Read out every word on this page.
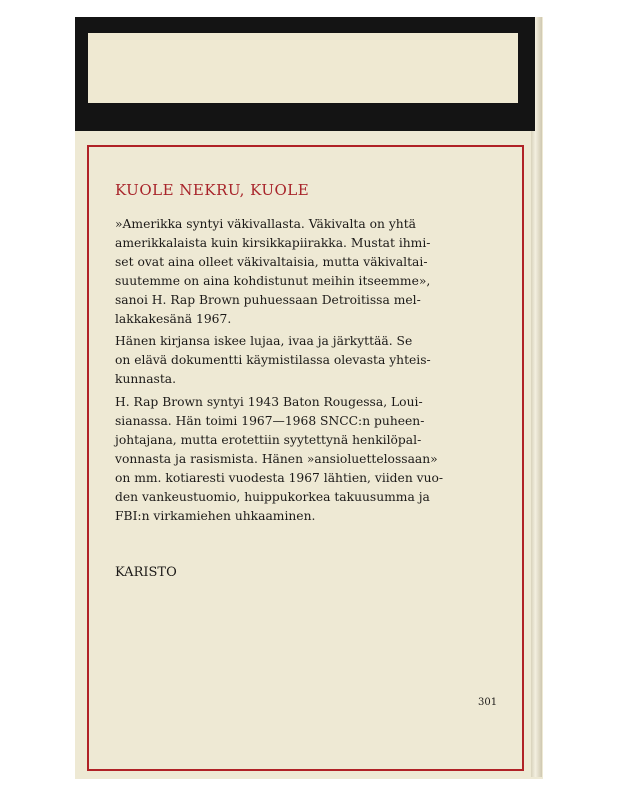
KUOLE NEKRU, KUOLE

»Amerikka syntyi väkivallasta. Väkivalta on yhtä
amerikkalaista kuin kirsikkapiirakka. Mustat ihmi-
set ovat aina olleet väkivaltaisia, mutta väkivaltai-
suutemme on aina kohdistunut meihin itseemme»,
sanoi H. Rap Brown puhuessaan Detroitissa mel-
lakkakesänä 1967.

Hänen kirjansa iskee lujaa, ivaa ja järkyttää. Se
on elävä dokumentti käymistilassa olevasta yhteis-
kunnasta.

H. Rap Brown syntyi 1943 Baton Rougessa, Loui-
sianassa. Hän toimi 1967—1968 SNCC:n puheen-
johtajana, mutta erotettiin syytettynä henkilöpal-
vonnasta ja rasismista. Hänen »ansioluettelossaan»
on mm. kotiaresti vuodesta 1967 lähtien, viiden vuo-
den vankeustuomio, huippukorkea takuusumma ja
FBI:n virkamiehen uhkaaminen.

KARISTO
301
